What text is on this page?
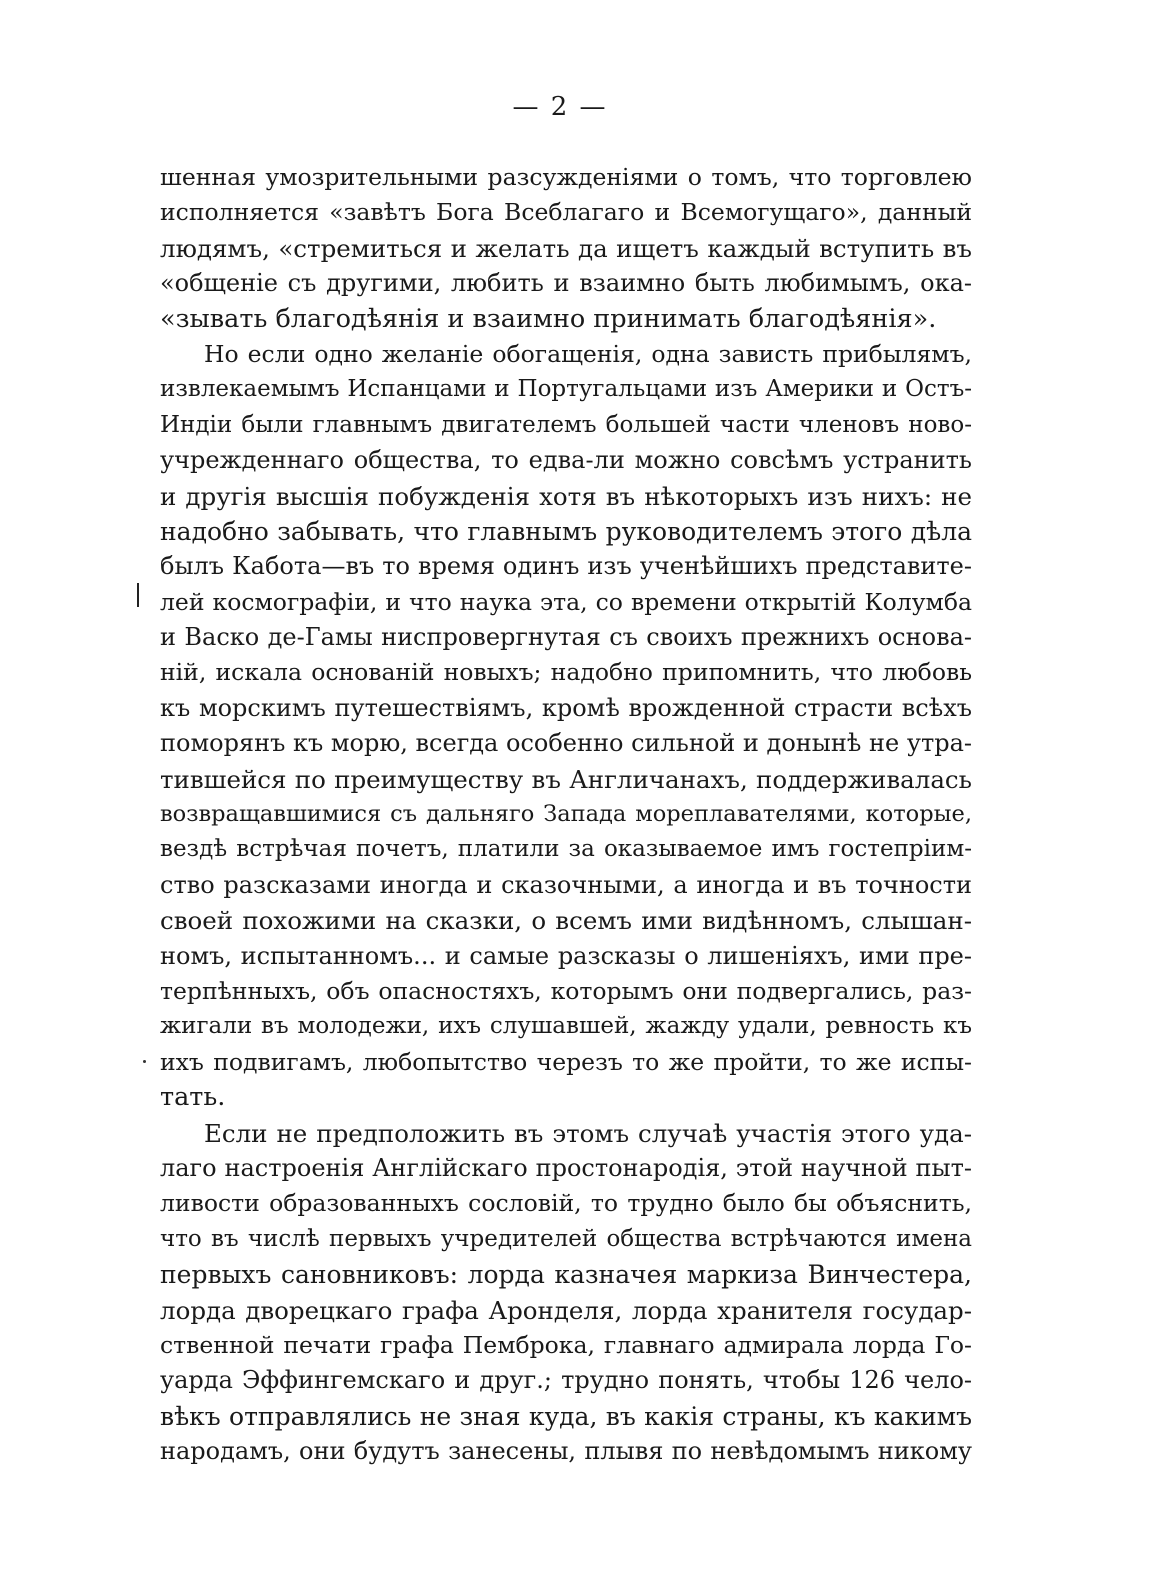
— 2 —
шенная умозрительными разсужденіями о томъ, что торговлею
исполняется «завѣтъ Бога Всеблагаго и Всемогущаго», данный
людямъ, «стремиться и желать да ищетъ каждый вступить въ
«общеніе съ другими, любить и взаимно быть любимымъ, ока-
«зывать благодѣянія и взаимно принимать благодѣянія».
Но если одно желаніе обогащенія, одна зависть прибылямъ,
извлекаемымъ Испанцами и Португальцами изъ Америки и Остъ-
Индіи были главнымъ двигателемъ большей части членовъ ново-
учрежденнаго общества, то едва-ли можно совсѣмъ устранить
и другія высшія побужденія хотя въ нѣкоторыхъ изъ нихъ: не
надобно забывать, что главнымъ руководителемъ этого дѣла
былъ Кабота—въ то время одинъ изъ ученѣйшихъ представите-
лей космографіи, и что наука эта, со времени открытій Колумба
и Васко де-Гамы ниспровергнутая съ своихъ прежнихъ основа-
ній, искала основаній новыхъ; надобно припомнить, что любовь
къ морскимъ путешествіямъ, кромѣ врожденной страсти всѣхъ
поморянъ къ морю, всегда особенно сильной и донынѣ не утра-
тившейся по преимуществу въ Англичанахъ, поддерживалась
возвращавшимися съ дальняго Запада мореплавателями, которые,
вездѣ встрѣчая почетъ, платили за оказываемое имъ гостепріим-
ство разсказами иногда и сказочными, а иногда и въ точности
своей похожими на сказки, о всемъ ими видѣнномъ, слышан-
номъ, испытанномъ... и самые разсказы о лишеніяхъ, ими пре-
терпѣнныхъ, объ опасностяхъ, которымъ они подвергались, раз-
жигали въ молодежи, ихъ слушавшей, жажду удали, ревность къ
ихъ подвигамъ, любопытство черезъ то же пройти, то же испы-
тать.
Если не предположить въ этомъ случаѣ участія этого уда-
лаго настроенія Англійскаго простонародія, этой научной пыт-
ливости образованныхъ сословій, то трудно было бы объяснить,
что въ числѣ первыхъ учредителей общества встрѣчаются имена
первыхъ сановниковъ: лорда казначея маркиза Винчестера,
лорда дворецкаго графа Аронделя, лорда хранителя государ-
ственной печати графа Пемброка, главнаго адмирала лорда Го-
уарда Эффингемскаго и друг.; трудно понять, чтобы 126 чело-
вѣкъ отправлялись не зная куда, въ какія страны, къ какимъ
народамъ, они будутъ занесены, плывя по невѣдомымъ никому
